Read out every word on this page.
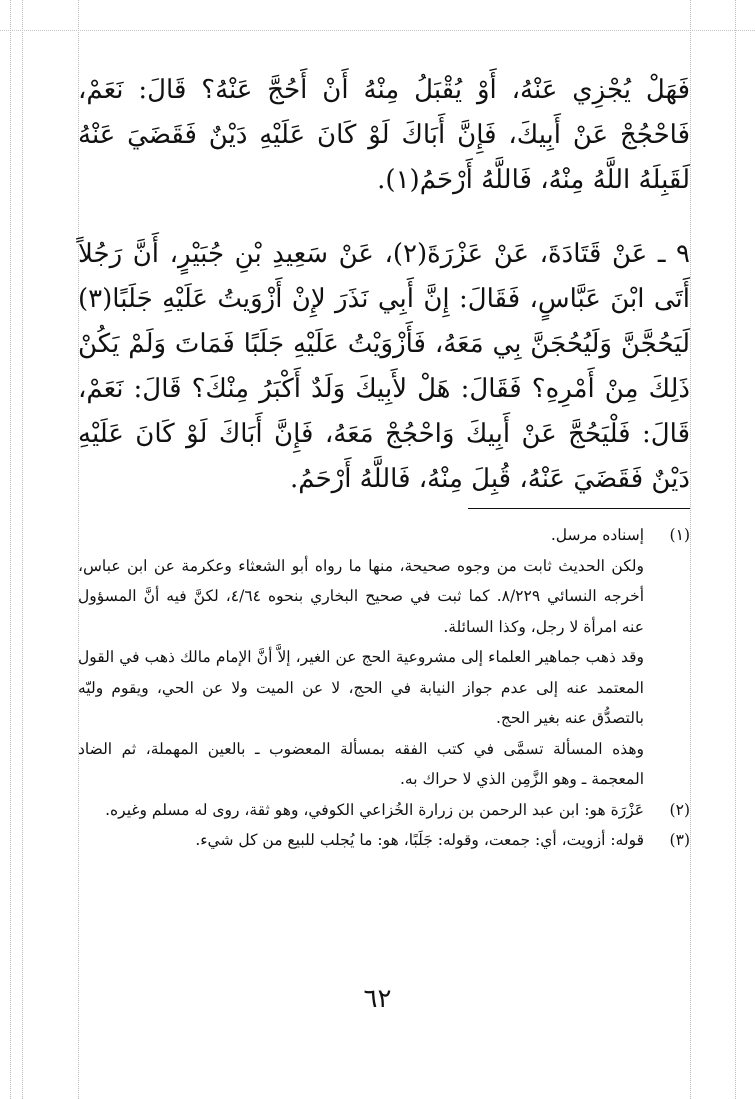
فَهَلْ يُجْزِي عَنْهُ، أَوْ يُقْبَلُ مِنْهُ أَنْ أَحُجَّ عَنْهُ؟ قَالَ: نَعَمْ، فَاحْجُجْ عَنْ أَبِيكَ، فَإِنَّ أَبَاكَ لَوْ كَانَ عَلَيْهِ دَيْنٌ فَقَضَيَ عَنْهُ لَقَبِلَهُ اللَّهُ مِنْهُ، فَاللَّهُ أَرْحَمُ(١).

٩ ـ عَنْ قَتَادَةَ، عَنْ عَزْرَةَ(٢)، عَنْ سَعِيدِ بْنِ جُبَيْرٍ، أَنَّ رَجُلاً أَتَى ابْنَ عَبَّاسٍ، فَقَالَ: إِنَّ أَبِي نَذَرَ لإِنْ أَزْوَيتُ عَلَيْهِ جَلَبًا(٣) لَيَحُجَّنَّ وَلَيُحُجَنَّ بِي مَعَهُ، فَأَزْوَيْتُ عَلَيْهِ جَلَبًا فَمَاتَ وَلَمْ يَكُنْ ذَلِكَ مِنْ أَمْرِهِ؟ فَقَالَ: هَلْ لأَبِيكَ وَلَدٌ أَكْبَرُ مِنْكَ؟ قَالَ: نَعَمْ، قَالَ: فَلْيَحُجَّ عَنْ أَبِيكَ وَاحْجُجْ مَعَهُ، فَإِنَّ أَبَاكَ لَوْ كَانَ عَلَيْهِ دَيْنٌ فَقَضَيَ عَنْهُ، قُبِلَ مِنْهُ، فَاللَّهُ أَرْحَمُ.

(١)

إسناده مرسل.

ولكن الحديث ثابت من وجوه صحيحة، منها ما رواه أبو الشعثاء وعكرمة عن ابن عباس، أخرجه النسائي ٨/٢٢٩. كما ثبت في صحيح البخاري بنحوه ٤/٦٤، لكنَّ فيه أنَّ المسؤول عنه امرأة لا رجل، وكذا السائلة.

وقد ذهب جماهير العلماء إلى مشروعية الحج عن الغير، إلاَّ أنَّ الإمام مالك ذهب في القول المعتمد عنه إلى عدم جواز النيابة في الحج، لا عن الميت ولا عن الحي، ويقوم وليّه بالتصدُّق عنه بغير الحج.

وهذه المسألة تسمَّى في كتب الفقه بمسألة المعضوب ـ بالعين المهملة، ثم الضاد المعجمة ـ وهو الزَّمِن الذي لا حراك به.

(٢)

عَزْرَة هو: ابن عبد الرحمن بن زرارة الخُزاعي الكوفي، وهو ثقة، روى له مسلم وغيره.

(٣)

قوله: أزويت، أي: جمعت، وقوله: جَلَبًا، هو: ما يُجلب للبيع من كل شيء.

٦٢
